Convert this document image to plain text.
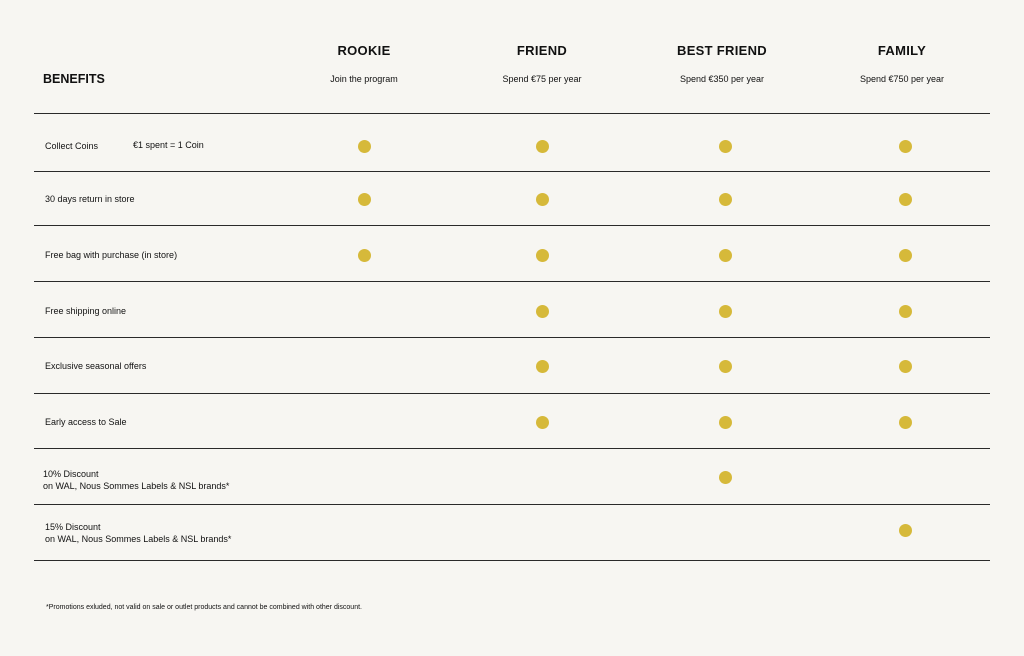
BENEFITS
ROOKIE
Join the program
FRIEND
Spend €75 per year
BEST FRIEND
Spend €350 per year
FAMILY
Spend €750 per year
Collect Coins	€1 spent = 1 Coin
30 days return in store
Free bag with purchase (in store)
Free shipping online
Exclusive seasonal offers
Early access to Sale
10% Discount
on WAL, Nous Sommes Labels & NSL brands*
15% Discount
on WAL, Nous Sommes Labels & NSL brands*
*Promotions exluded, not valid on sale or outlet products and cannot be combined with other discount.
